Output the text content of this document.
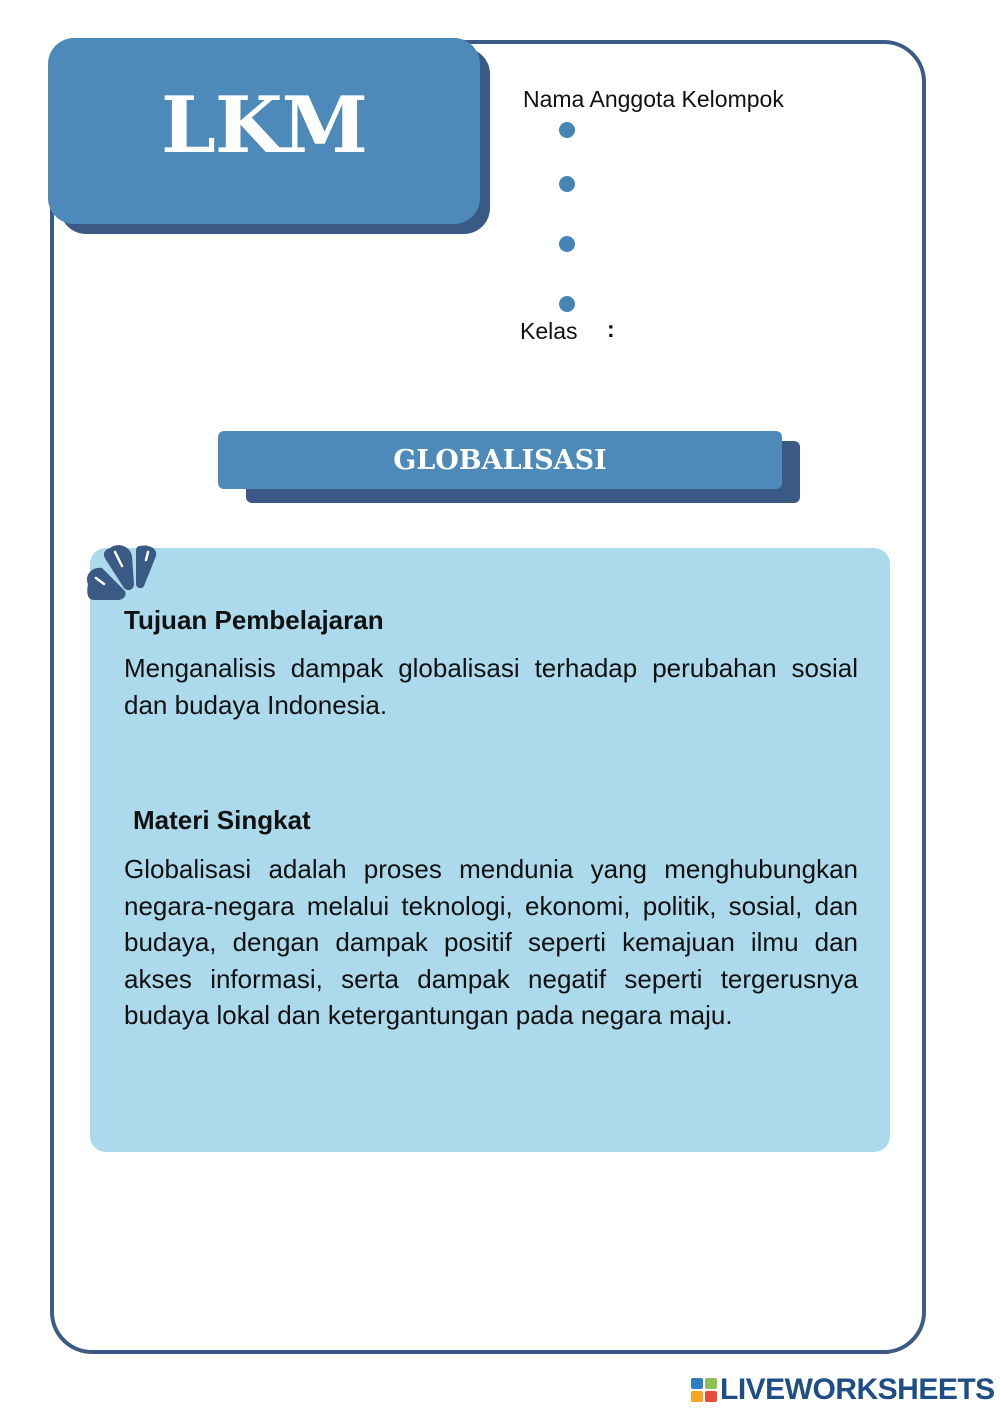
LKM	Nama Anggota Kelompok
Kelas :
GLOBALISASI
Tujuan Pembelajaran
Menganalisis dampak globalisasi terhadap perubahan sosial dan budaya Indonesia.
Materi Singkat
Globalisasi adalah proses mendunia yang menghubungkan negara-negara melalui teknologi, ekonomi, politik, sosial, dan budaya, dengan dampak positif seperti kemajuan ilmu dan akses informasi, serta dampak negatif seperti tergerusnya budaya lokal dan ketergantungan pada negara maju.
LIVEWORKSHEETS
